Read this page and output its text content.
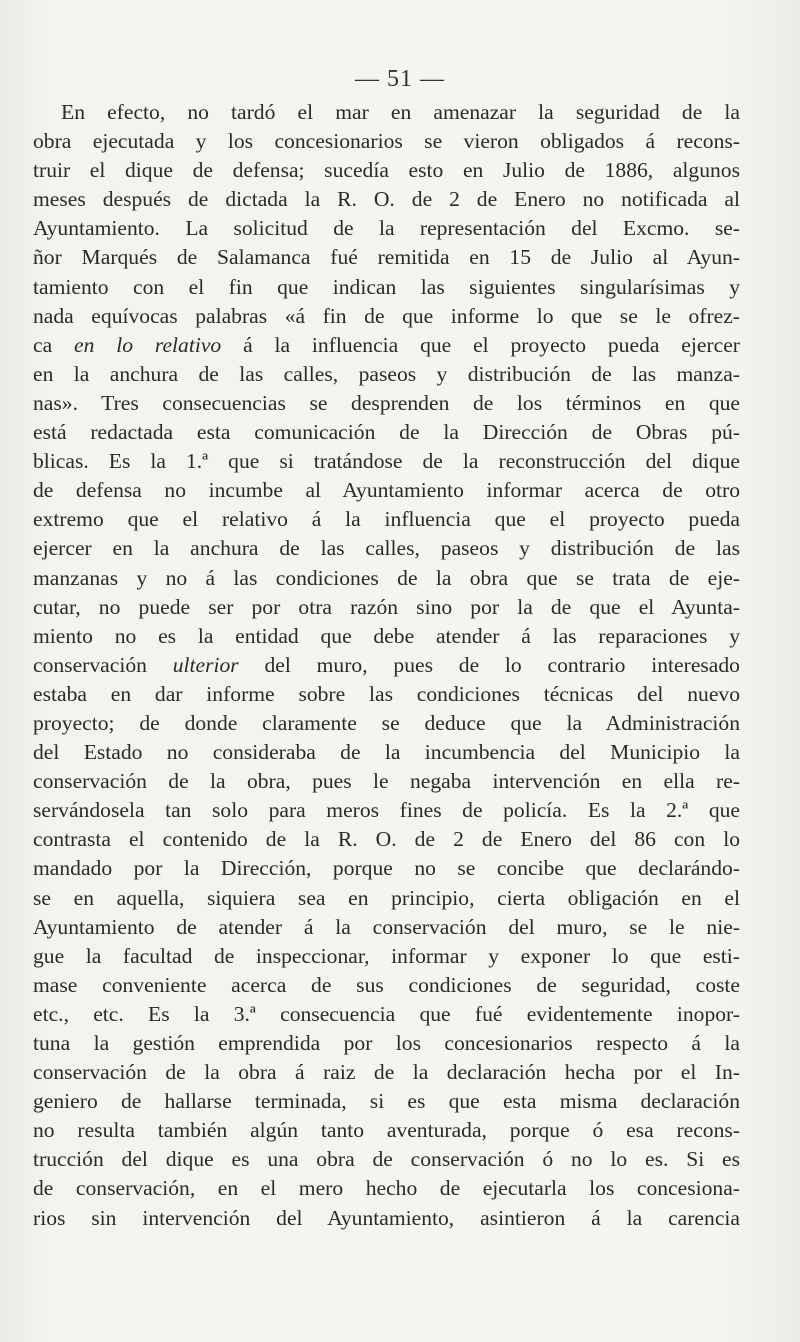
— 51 —
En efecto, no tardó el mar en amenazar la seguridad de la
obra ejecutada y los concesionarios se vieron obligados á recons-
truir el dique de defensa; sucedía esto en Julio de 1886, algunos
meses después de dictada la R. O. de 2 de Enero no notificada al
Ayuntamiento. La solicitud de la representación del Excmo. se-
ñor Marqués de Salamanca fué remitida en 15 de Julio al Ayun-
tamiento con el fin que indican las siguientes singularísimas y
nada equívocas palabras «á fin de que informe lo que se le ofrez-
ca en lo relativo á la influencia que el proyecto pueda ejercer
en la anchura de las calles, paseos y distribución de las manza-
nas». Tres consecuencias se desprenden de los términos en que
está redactada esta comunicación de la Dirección de Obras pú-
blicas. Es la 1.ª que si tratándose de la reconstrucción del dique
de defensa no incumbe al Ayuntamiento informar acerca de otro
extremo que el relativo á la influencia que el proyecto pueda
ejercer en la anchura de las calles, paseos y distribución de las
manzanas y no á las condiciones de la obra que se trata de eje-
cutar, no puede ser por otra razón sino por la de que el Ayunta-
miento no es la entidad que debe atender á las reparaciones y
conservación ulterior del muro, pues de lo contrario interesado
estaba en dar informe sobre las condiciones técnicas del nuevo
proyecto; de donde claramente se deduce que la Administración
del Estado no consideraba de la incumbencia del Municipio la
conservación de la obra, pues le negaba intervención en ella re-
servándosela tan solo para meros fines de policía. Es la 2.ª que
contrasta el contenido de la R. O. de 2 de Enero del 86 con lo
mandado por la Dirección, porque no se concibe que declarándo-
se en aquella, siquiera sea en principio, cierta obligación en el
Ayuntamiento de atender á la conservación del muro, se le nie-
gue la facultad de inspeccionar, informar y exponer lo que esti-
mase conveniente acerca de sus condiciones de seguridad, coste
etc., etc. Es la 3.ª consecuencia que fué evidentemente inopor-
tuna la gestión emprendida por los concesionarios respecto á la
conservación de la obra á raiz de la declaración hecha por el In-
geniero de hallarse terminada, si es que esta misma declaración
no resulta también algún tanto aventurada, porque ó esa recons-
trucción del dique es una obra de conservación ó no lo es. Si es
de conservación, en el mero hecho de ejecutarla los concesiona-
rios sin intervención del Ayuntamiento, asintieron á la carencia
